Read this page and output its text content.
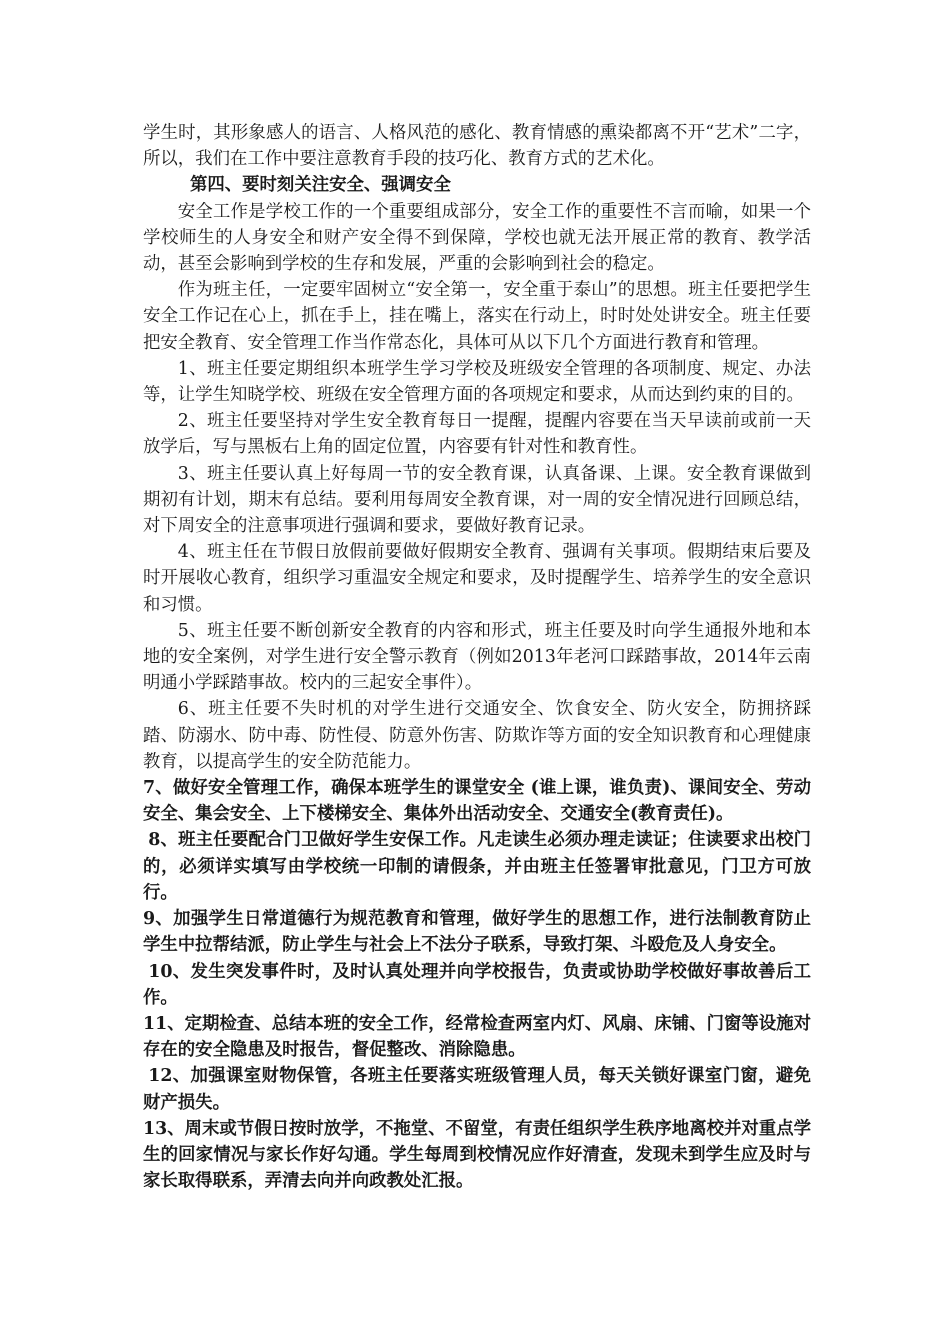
学生时，其形象感人的语言、人格风范的感化、教育情感的熏染都离不开“艺术”二字，所以，我们在工作中要注意教育手段的技巧化、教育方式的艺术化。

第四、要时刻关注安全、强调安全

安全工作是学校工作的一个重要组成部分，安全工作的重要性不言而喻，如果一个学校师生的人身安全和财产安全得不到保障，学校也就无法开展正常的教育、教学活动，甚至会影响到学校的生存和发展，严重的会影响到社会的稳定。

作为班主任，一定要牢固树立“安全第一，安全重于泰山”的思想。班主任要把学生安全工作记在心上，抓在手上，挂在嘴上，落实在行动上，时时处处讲安全。班主任要把安全教育、安全管理工作当作常态化，具体可从以下几个方面进行教育和管理。

1、班主任要定期组织本班学生学习学校及班级安全管理的各项制度、规定、办法等，让学生知晓学校、班级在安全管理方面的各项规定和要求，从而达到约束的目的。

2、班主任要坚持对学生安全教育每日一提醒，提醒内容要在当天早读前或前一天放学后，写与黑板右上角的固定位置，内容要有针对性和教育性。

3、班主任要认真上好每周一节的安全教育课，认真备课、上课。安全教育课做到期初有计划，期末有总结。要利用每周安全教育课，对一周的安全情况进行回顾总结，对下周安全的注意事项进行强调和要求，要做好教育记录。

4、班主任在节假日放假前要做好假期安全教育、强调有关事项。假期结束后要及时开展收心教育，组织学习重温安全规定和要求，及时提醒学生、培养学生的安全意识和习惯。

5、班主任要不断创新安全教育的内容和形式，班主任要及时向学生通报外地和本地的安全案例，对学生进行安全警示教育（例如2013年老河口踩踏事故，2014年云南明通小学踩踏事故。校内的三起安全事件）。

6、班主任要不失时机的对学生进行交通安全、饮食安全、防火安全，防拥挤踩踏、防溺水、防中毒、防性侵、防意外伤害、防欺诈等方面的安全知识教育和心理健康教育，以提高学生的安全防范能力。

7、做好安全管理工作，确保本班学生的课堂安全 (谁上课，谁负责)、课间安全、劳动安全、集会安全、上下楼梯安全、集体外出活动安全、交通安全(教育责任)。

8、班主任要配合门卫做好学生安保工作。凡走读生必须办理走读证；住读要求出校门的，必须详实填写由学校统一印制的请假条，并由班主任签署审批意见，门卫方可放行。

9、加强学生日常道德行为规范教育和管理，做好学生的思想工作，进行法制教育防止学生中拉帮结派，防止学生与社会上不法分子联系，导致打架、斗殴危及人身安全。

10、发生突发事件时，及时认真处理并向学校报告，负责或协助学校做好事故善后工作。

11、定期检查、总结本班的安全工作，经常检查两室内灯、风扇、床铺、门窗等设施对存在的安全隐患及时报告，督促整改、消除隐患。

12、加强课室财物保管，各班主任要落实班级管理人员，每天关锁好课室门窗，避免财产损失。

13、周末或节假日按时放学，不拖堂、不留堂，有责任组织学生秩序地离校并对重点学生的回家情况与家长作好勾通。学生每周到校情况应作好清查，发现未到学生应及时与家长取得联系，弄清去向并向政教处汇报。
